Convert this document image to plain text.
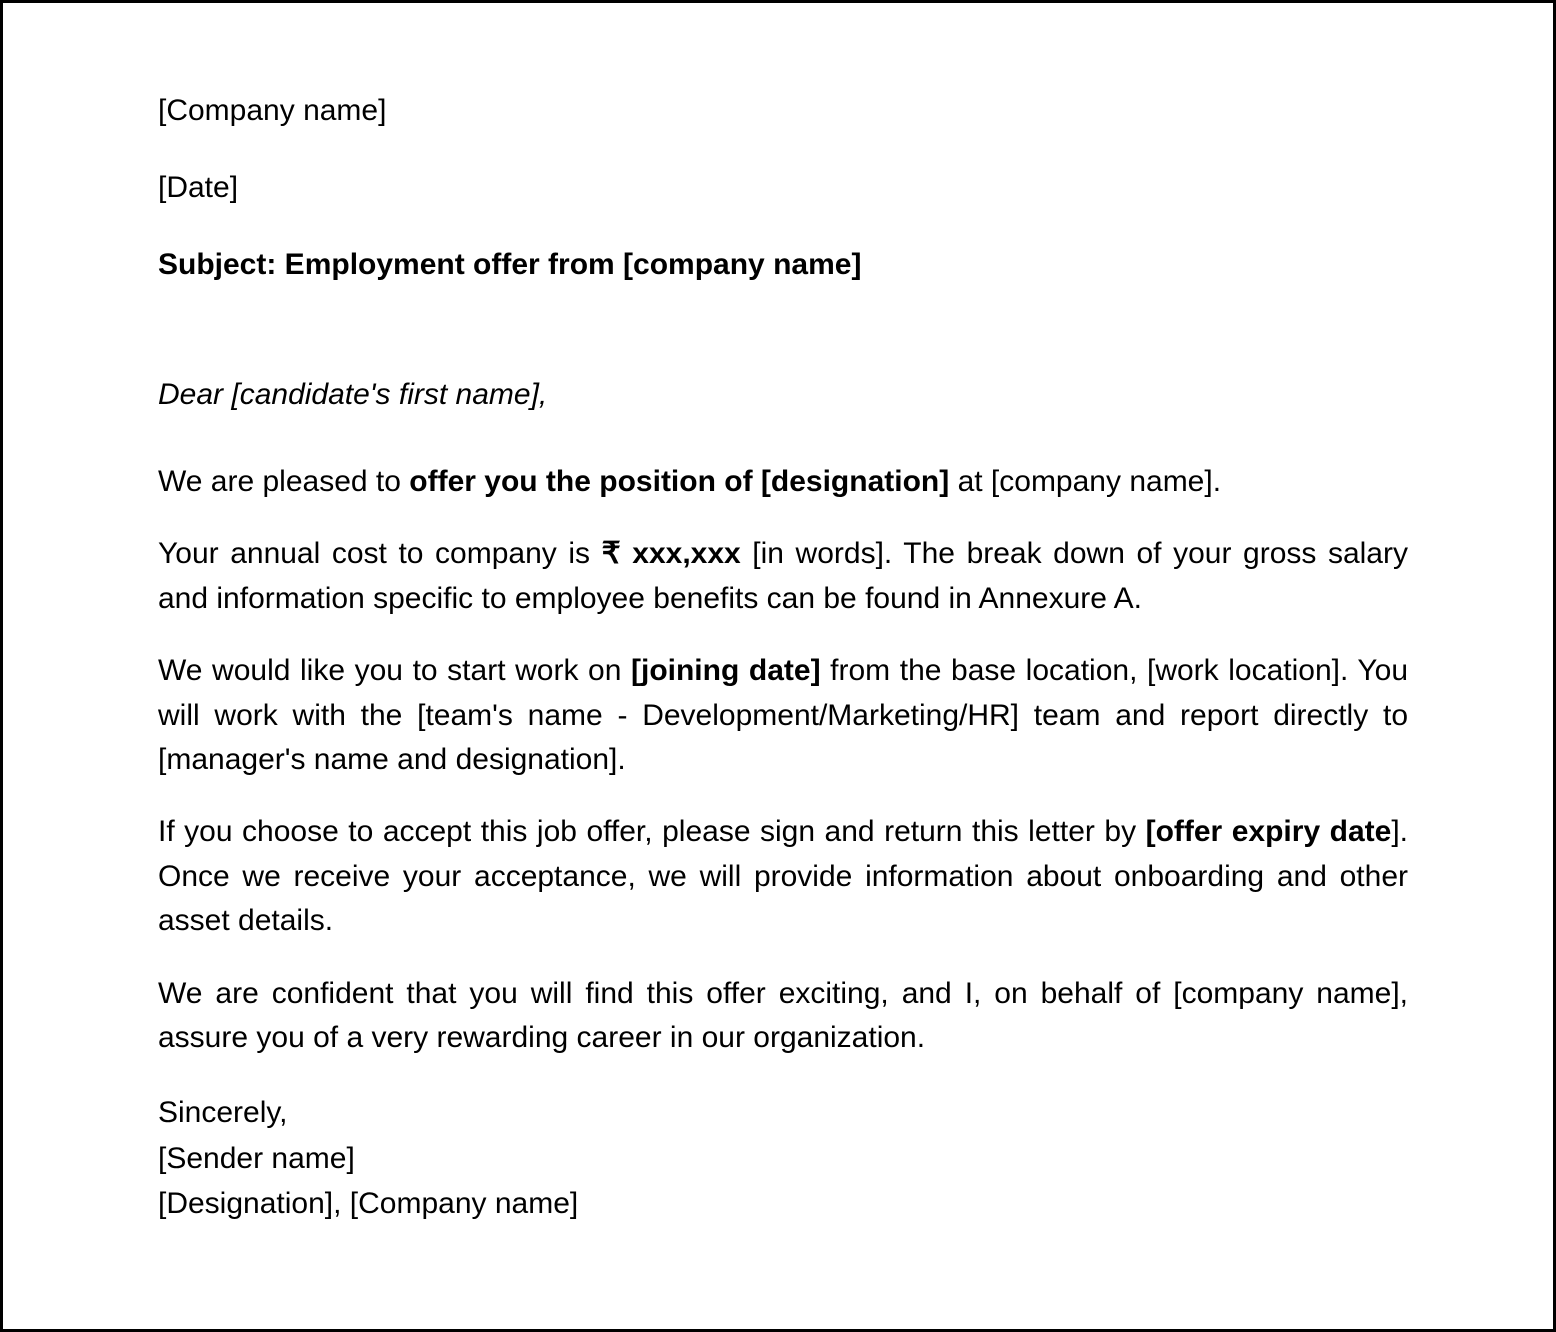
[Company name]
[Date]
Subject: Employment offer from [company name]
Dear [candidate's first name],

We are pleased to offer you the position of [designation] at [company name].

Your annual cost to company is ₹ xxx,xxx [in words]. The break down of your gross salary and information specific to employee benefits can be found in Annexure A.

We would like you to start work on [joining date] from the base location, [work location]. You will work with the [team's name - Development/Marketing/HR] team and report directly to [manager's name and designation].

If you choose to accept this job offer, please sign and return this letter by [offer expiry date]. Once we receive your acceptance, we will provide information about onboarding and other asset details.

We are confident that you will find this offer exciting, and I, on behalf of [company name], assure you of a very rewarding career in our organization.

Sincerely,
[Sender name]
[Designation], [Company name]
